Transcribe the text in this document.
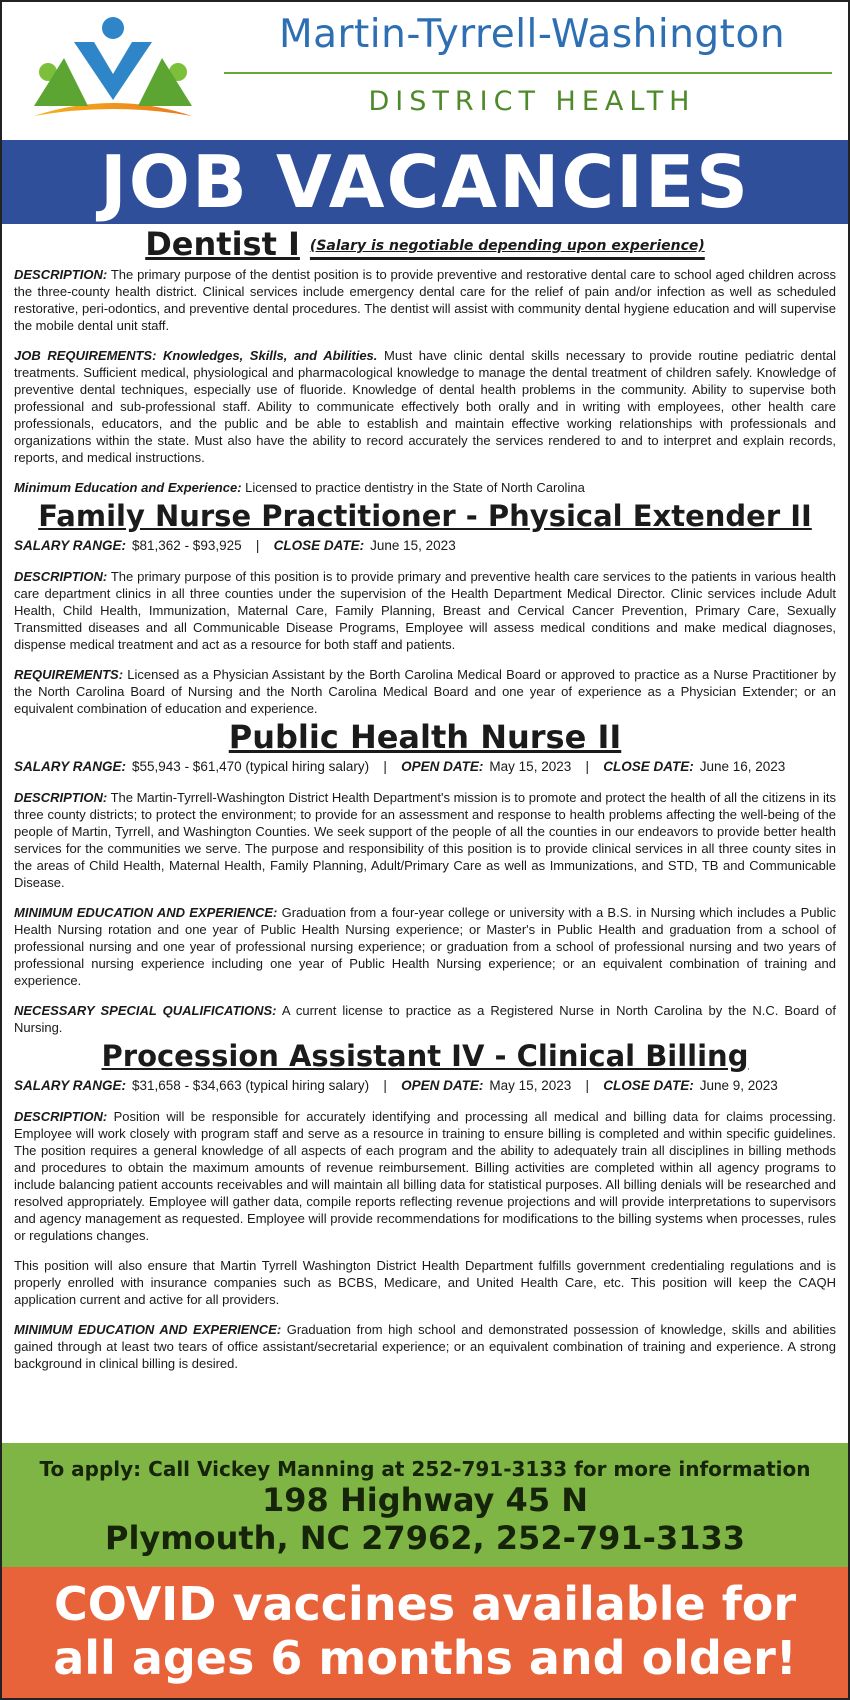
Martin-Tyrrell-Washington
DISTRICT HEALTH
JOB VACANCIES
Dentist I (Salary is negotiable depending upon experience)

DESCRIPTION: The primary purpose of the dentist position is to provide preventive and restorative dental care to school aged children across the three-county health district. Clinical services include emergency dental care for the relief of pain and/or infection as well as scheduled restorative, peri-odontics, and preventive dental procedures. The dentist will assist with community dental hygiene education and will supervise the mobile dental unit staff.

JOB REQUIREMENTS: Knowledges, Skills, and Abilities. Must have clinic dental skills necessary to provide routine pediatric dental treatments. Sufficient medical, physiological and pharmacological knowledge to manage the dental treatment of children safely. Knowledge of preventive dental techniques, especially use of fluoride. Knowledge of dental health problems in the community. Ability to supervise both professional and sub-professional staff. Ability to communicate effectively both orally and in writing with employees, other health care professionals, educators, and the public and be able to establish and maintain effective working relationships with professionals and organizations within the state. Must also have the ability to record accurately the services rendered to and to interpret and explain records, reports, and medical instructions.

Minimum Education and Experience: Licensed to practice dentistry in the State of North Carolina

Family Nurse Practitioner - Physical Extender II
SALARY RANGE: $81,362 - $93,925 | CLOSE DATE: June 15, 2023

DESCRIPTION: The primary purpose of this position is to provide primary and preventive health care services to the patients in various health care department clinics in all three counties under the supervision of the Health Department Medical Director. Clinic services include Adult Health, Child Health, Immunization, Maternal Care, Family Planning, Breast and Cervical Cancer Prevention, Primary Care, Sexually Transmitted diseases and all Communicable Disease Programs, Employee will assess medical conditions and make medical diagnoses, dispense medical treatment and act as a resource for both staff and patients.

REQUIREMENTS: Licensed as a Physician Assistant by the Borth Carolina Medical Board or approved to practice as a Nurse Practitioner by the North Carolina Board of Nursing and the North Carolina Medical Board and one year of experience as a Physician Extender; or an equivalent combination of education and experience.

Public Health Nurse II
SALARY RANGE: $55,943 - $61,470 (typical hiring salary) | OPEN DATE: May 15, 2023 | CLOSE DATE: June 16, 2023

DESCRIPTION: The Martin-Tyrrell-Washington District Health Department's mission is to promote and protect the health of all the citizens in its three county districts; to protect the environment; to provide for an assessment and response to health problems affecting the well-being of the people of Martin, Tyrrell, and Washington Counties. We seek support of the people of all the counties in our endeavors to provide better health services for the communities we serve. The purpose and responsibility of this position is to provide clinical services in all three county sites in the areas of Child Health, Maternal Health, Family Planning, Adult/Primary Care as well as Immunizations, and STD, TB and Communicable Disease.

MINIMUM EDUCATION AND EXPERIENCE: Graduation from a four-year college or university with a B.S. in Nursing which includes a Public Health Nursing rotation and one year of Public Health Nursing experience; or Master's in Public Health and graduation from a school of professional nursing and one year of professional nursing experience; or graduation from a school of professional nursing and two years of professional nursing experience including one year of Public Health Nursing experience; or an equivalent combination of training and experience.

NECESSARY SPECIAL QUALIFICATIONS: A current license to practice as a Registered Nurse in North Carolina by the N.C. Board of Nursing.

Procession Assistant IV - Clinical Billing
SALARY RANGE: $31,658 - $34,663 (typical hiring salary) | OPEN DATE: May 15, 2023 | CLOSE DATE: June 9, 2023

DESCRIPTION: Position will be responsible for accurately identifying and processing all medical and billing data for claims processing. Employee will work closely with program staff and serve as a resource in training to ensure billing is completed and within specific guidelines. The position requires a general knowledge of all aspects of each program and the ability to adequately train all disciplines in billing methods and procedures to obtain the maximum amounts of revenue reimbursement. Billing activities are completed within all agency programs to include balancing patient accounts receivables and will maintain all billing data for statistical purposes. All billing denials will be researched and resolved appropriately. Employee will gather data, compile reports reflecting revenue projections and will provide interpretations to supervisors and agency management as requested. Employee will provide recommendations for modifications to the billing systems when processes, rules or regulations changes.

This position will also ensure that Martin Tyrrell Washington District Health Department fulfills government credentialing regulations and is properly enrolled with insurance companies such as BCBS, Medicare, and United Health Care, etc. This position will keep the CAQH application current and active for all providers.

MINIMUM EDUCATION AND EXPERIENCE: Graduation from high school and demonstrated possession of knowledge, skills and abilities gained through at least two tears of office assistant/secretarial experience; or an equivalent combination of training and experience. A strong background in clinical billing is desired.

To apply: Call Vickey Manning at 252-791-3133 for more information
198 Highway 45 N
Plymouth, NC 27962, 252-791-3133
COVID vaccines available for
all ages 6 months and older!
